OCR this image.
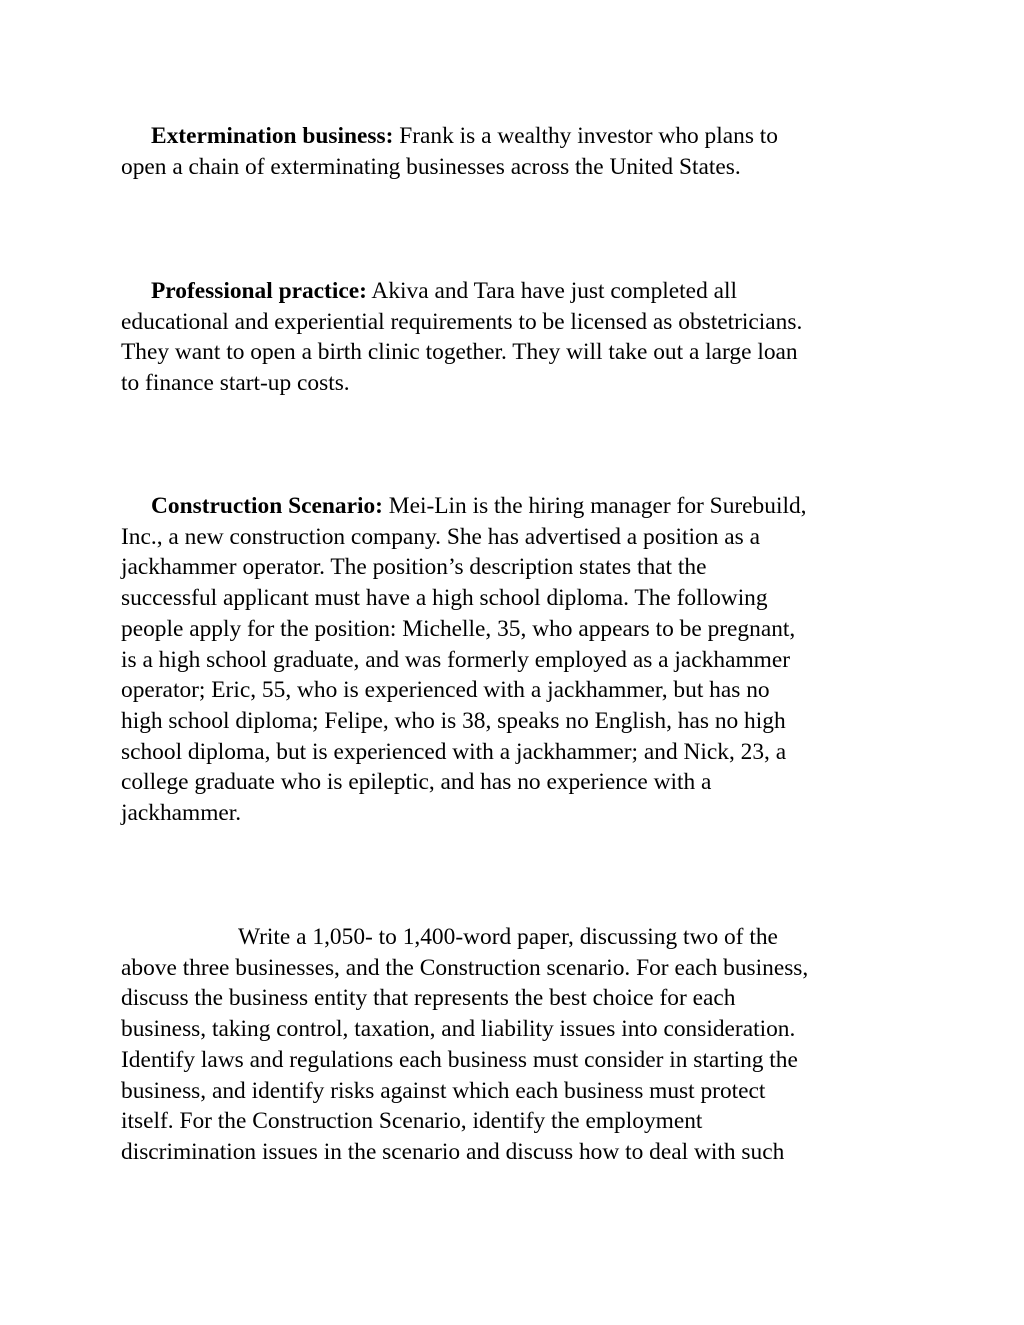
Extermination business: Frank is a wealthy investor who plans to
open a chain of exterminating businesses across the United States.

Professional practice: Akiva and Tara have just completed all
educational and experiential requirements to be licensed as obstetricians.
They want to open a birth clinic together. They will take out a large loan
to finance start-up costs.

Construction Scenario: Mei-Lin is the hiring manager for Surebuild,
Inc., a new construction company. She has advertised a position as a
jackhammer operator. The position’s description states that the
successful applicant must have a high school diploma. The following
people apply for the position: Michelle, 35, who appears to be pregnant,
is a high school graduate, and was formerly employed as a jackhammer
operator; Eric, 55, who is experienced with a jackhammer, but has no
high school diploma; Felipe, who is 38, speaks no English, has no high
school diploma, but is experienced with a jackhammer; and Nick, 23, a
college graduate who is epileptic, and has no experience with a
jackhammer.

Write a 1,050- to 1,400-word paper, discussing two of the
above three businesses, and the Construction scenario. For each business,
discuss the business entity that represents the best choice for each
business, taking control, taxation, and liability issues into consideration.
Identify laws and regulations each business must consider in starting the
business, and identify risks against which each business must protect
itself. For the Construction Scenario, identify the employment
discrimination issues in the scenario and discuss how to deal with such
